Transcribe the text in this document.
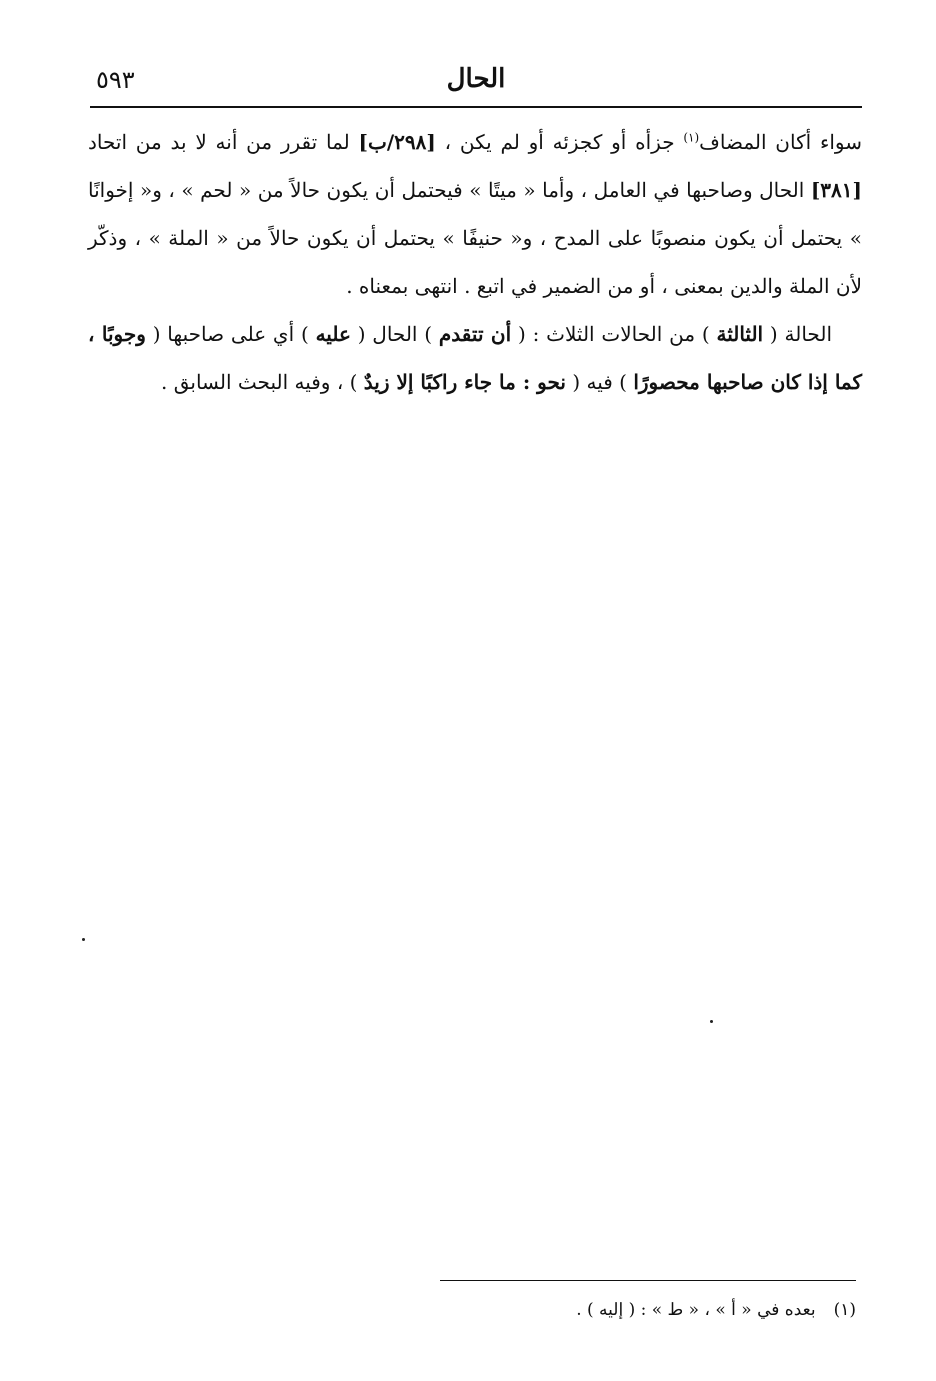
٥٩٣	الحال

سواء أكان المضاف$^{(١)}$ جزأه أو كجزئه أو لم يكن ، [٢٩٨/ب] لما تقرر من أنه لا بد من اتحاد [٣٨١] الحال وصاحبها في العامل ، وأما « ميتًا » فيحتمل أن يكون حالاً من « لحم » ، و« إخوانًا » يحتمل أن يكون منصوبًا على المدح ، و« حنيفًا » يحتمل أن يكون حالاً من « الملة » ، وذكّر لأن الملة والدين بمعنى ، أو من الضمير في اتبع . انتهى بمعناه .

الحالة ( الثالثة ) من الحالات الثلاث : ( أن تتقدم ) الحال ( عليه ) أي على صاحبها ( وجوبًا ، كما إذا كان صاحبها محصورًا ) فيه ( نحو : ما جاء راكبًا إلا زيدٌ ) ، وفيه البحث السابق .

(١)بعده في « أ » ، « ط » : ( إليه ) .
